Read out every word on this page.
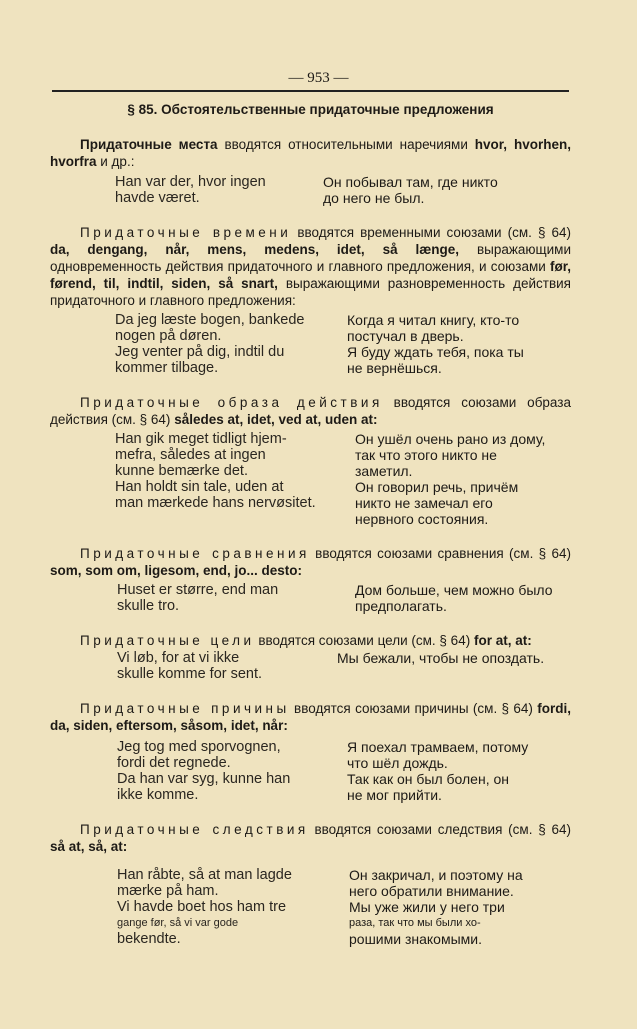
— 953 —
§ 85. Обстоятельственные придаточные предложения

Придаточные места вводятся относительными наречиями hvor, hvorhen, hvorfra и др.:

Han var der, hvor ingen
havde været.
Он побывал там, где никто
до него не был.

Придаточные времени вводятся временными союзами (см. § 64) da, dengang, når, mens, medens, idet, så længe, выражающими одновременность действия придаточного и главного предложения, и союзами før, førend, til, indtil, siden, så snart, выражающими разновременность действия придаточного и главного предложения:

Da jeg læste bogen, bankede
nogen på døren.
Jeg venter på dig, indtil du
kommer tilbage.
Когда я читал книгу, кто-то
постучал в дверь.
Я буду ждать тебя, пока ты
не вернёшься.

Придаточные образа действия вводятся союзами образа действия (см. § 64) således at, idet, ved at, uden at:

Han gik meget tidligt hjem-
mefra, således at ingen
kunne bemærke det.
Han holdt sin tale, uden at
man mærkede hans nervøsitet.
Он ушёл очень рано из дому,
так что этого никто не
заметил.
Он говорил речь, причём
никто не замечал его
нервного состояния.

Придаточные сравнения вводятся союзами сравнения (см. § 64) som, som om, ligesom, end, jo... desto:

Huset er større, end man
skulle tro.
Дом больше, чем можно было
предполагать.

Придаточные цели вводятся союзами цели (см. § 64) for at, at:

Vi løb, for at vi ikke
skulle komme for sent.
Мы бежали, чтобы не опоздать.

Придаточные причины вводятся союзами причины (см. § 64) fordi, da, siden, eftersom, såsom, idet, når:

Jeg tog med sporvognen,
fordi det regnede.
Da han var syg, kunne han
ikke komme.
Я поехал трамваем, потому
что шёл дождь.
Так как он был болен, он
не мог прийти.

Придаточные следствия вводятся союзами следствия (см. § 64) så at, så, at:

Han råbte, så at man lagde
mærke på ham.
Vi havde boet hos ham tre
gange før, så vi var gode
bekendte.
Он закричал, и поэтому на
него обратили внимание.
Мы уже жили у него три
раза, так что мы были хо-
рошими знакомыми.
